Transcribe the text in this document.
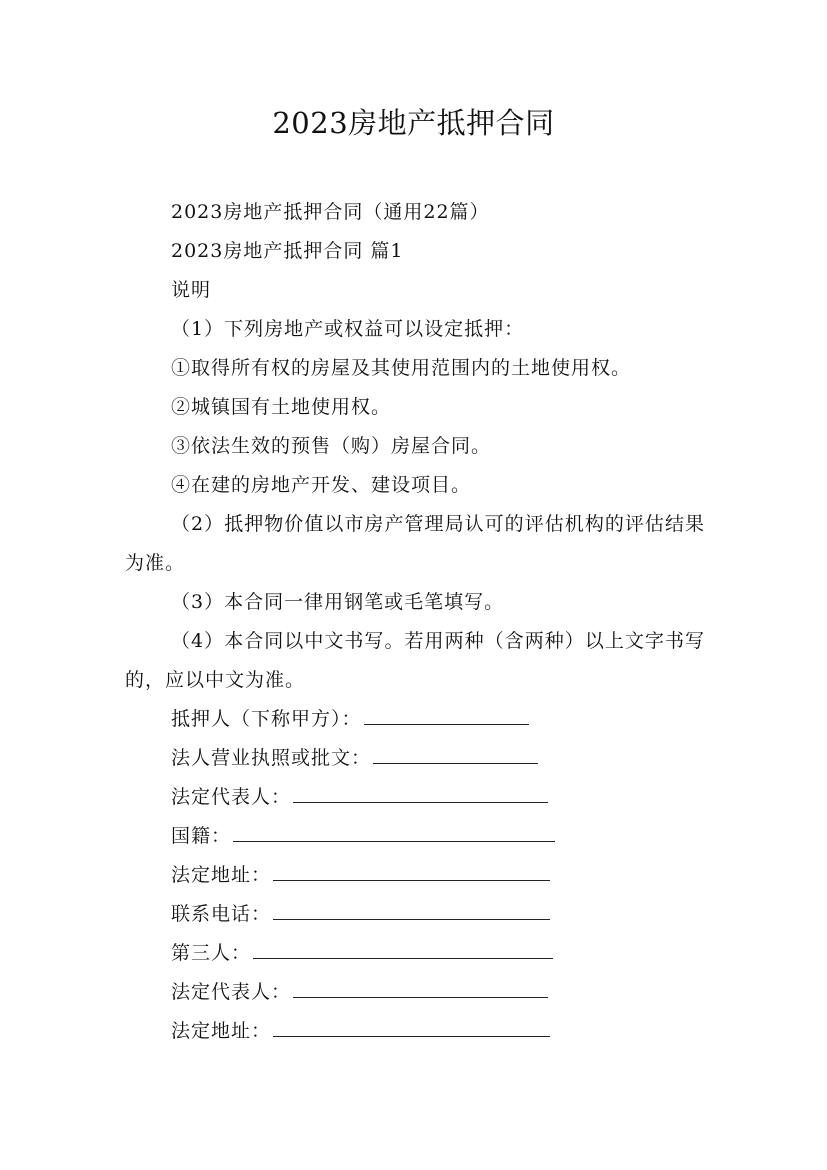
2023房地产抵押合同

2023房地产抵押合同（通用22篇）

2023房地产抵押合同 篇1

说明

（1）下列房地产或权益可以设定抵押：

①取得所有权的房屋及其使用范围内的土地使用权。

②城镇国有土地使用权。

③依法生效的预售（购）房屋合同。

④在建的房地产开发、建设项目。

（2）抵押物价值以市房产管理局认可的评估机构的评估结果为准。

（3）本合同一律用钢笔或毛笔填写。

（4）本合同以中文书写。若用两种（含两种）以上文字书写的，应以中文为准。

抵押人（下称甲方）：
法人营业执照或批文：
法定代表人：
国籍：
法定地址：
联系电话：
第三人：
法定代表人：
法定地址：
